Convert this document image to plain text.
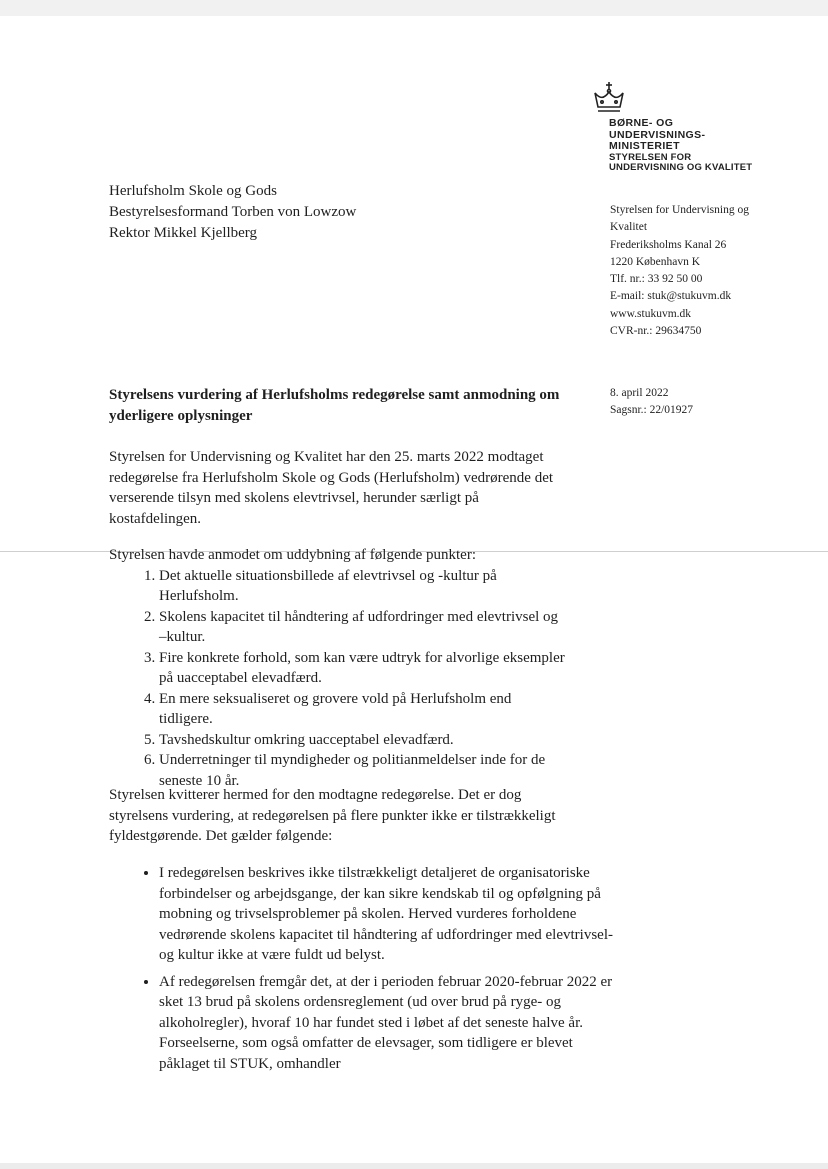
BØRNE- OG
UNDERVISNINGS-
MINISTERIET
STYRELSEN FOR
UNDERVISNING OG KVALITET
Herlufsholm Skole og Gods
Bestyrelsesformand Torben von Lowzow
Rektor Mikkel Kjellberg
Styrelsen for Undervisning og
Kvalitet
Frederiksholms Kanal 26
1220 København K
Tlf. nr.: 33 92 50 00
E-mail: stuk@stukuvm.dk
www.stukuvm.dk
CVR-nr.: 29634750
8. april 2022
Sagsnr.: 22/01927
Styrelsens vurdering af Herlufsholms redegørelse samt anmodning om yderligere oplysninger

Styrelsen for Undervisning og Kvalitet har den 25. marts 2022 modtaget redegørelse fra Herlufsholm Skole og Gods (Herlufsholm) vedrørende det verserende tilsyn med skolens elevtrivsel, herunder særligt på kostafdelingen.

Styrelsen havde anmodet om uddybning af følgende punkter:

1. Det aktuelle situationsbillede af elevtrivsel og -kultur på Herlufsholm.
2. Skolens kapacitet til håndtering af udfordringer med elevtrivsel og –kultur.
3. Fire konkrete forhold, som kan være udtryk for alvorlige eksempler på uacceptabel elevadfærd.
4. En mere seksualiseret og grovere vold på Herlufsholm end tidligere.
5. Tavshedskultur omkring uacceptabel elevadfærd.
6. Underretninger til myndigheder og politianmeldelser inde for de seneste 10 år.

Styrelsen kvitterer hermed for den modtagne redegørelse. Det er dog styrelsens vurdering, at redegørelsen på flere punkter ikke er tilstrækkeligt fyldestgørende. Det gælder følgende:

• I redegørelsen beskrives ikke tilstrækkeligt detaljeret de organisatoriske forbindelser og arbejdsgange, der kan sikre kendskab til og opfølgning på mobning og trivselsproblemer på skolen. Herved vurderes forholdene vedrørende skolens kapacitet til håndtering af udfordringer med elevtrivsel- og kultur ikke at være fuldt ud belyst.
• Af redegørelsen fremgår det, at der i perioden februar 2020-februar 2022 er sket 13 brud på skolens ordensreglement (ud over brud på ryge- og alkoholregler), hvoraf 10 har fundet sted i løbet af det seneste halve år. Forseelserne, som også omfatter de elevsager, som tidligere er blevet påklaget til STUK, omhandler
